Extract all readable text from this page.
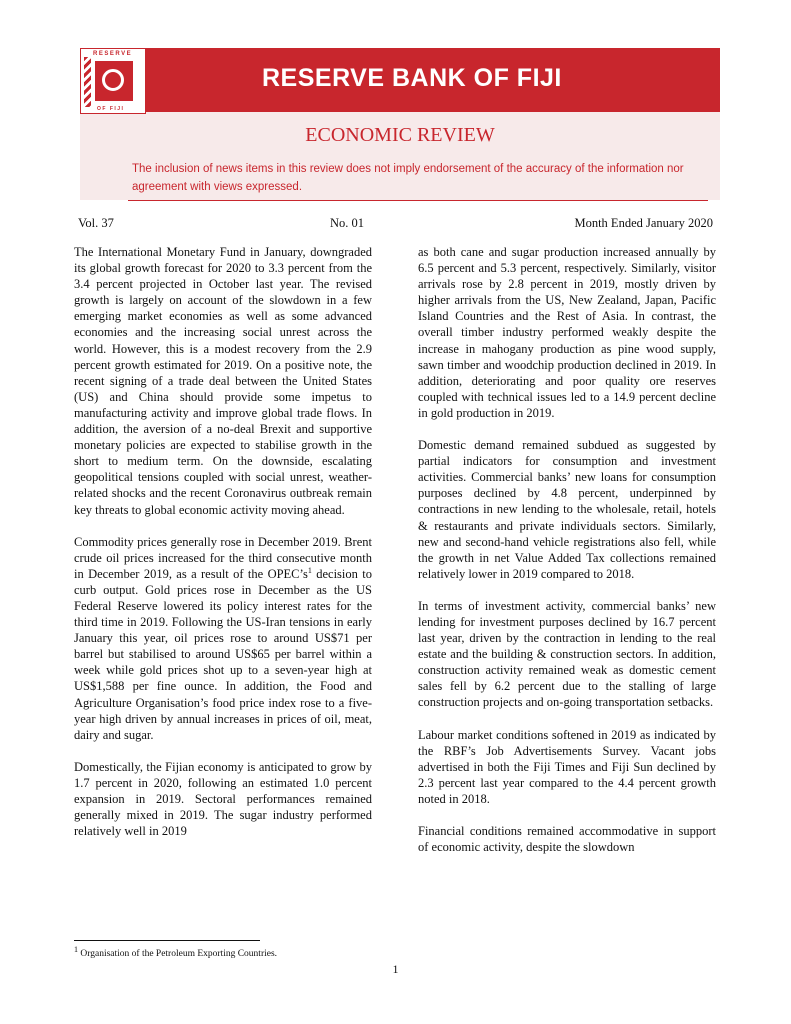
RESERVE
OF FIJI
RESERVE BANK OF FIJI
ECONOMIC REVIEW
The inclusion of news items in this review does not imply endorsement of the accuracy of the information nor agreement with views expressed.
Vol. 37	No. 01	Month Ended January 2020

The International Monetary Fund in January, downgraded its global growth forecast for 2020 to 3.3 percent from the 3.4 percent projected in October last year. The revised growth is largely on account of the slowdown in a few emerging market economies as well as some advanced economies and the increasing social unrest across the world. However, this is a modest recovery from the 2.9 percent growth estimated for 2019. On a positive note, the recent signing of a trade deal between the United States (US) and China should provide some impetus to manufacturing activity and improve global trade flows. In addition, the aversion of a no-deal Brexit and supportive monetary policies are expected to stabilise growth in the short to medium term. On the downside, escalating geopolitical tensions coupled with social unrest, weather-related shocks and the recent Coronavirus outbreak remain key threats to global economic activity moving ahead.

Commodity prices generally rose in December 2019. Brent crude oil prices increased for the third consecutive month in December 2019, as a result of the $OPEC’s^1$ decision to curb output. Gold prices rose in December as the US Federal Reserve lowered its policy interest rates for the third time in 2019. Following the US-Iran tensions in early January this year, oil prices rose to around US$71 per barrel but stabilised to around US$65 per barrel within a week while gold prices shot up to a seven-year high at US$1,588 per fine ounce. In addition, the Food and Agriculture Organisation’s food price index rose to a five-year high driven by annual increases in prices of oil, meat, dairy and sugar.

Domestically, the Fijian economy is anticipated to grow by 1.7 percent in 2020, following an estimated 1.0 percent expansion in 2019. Sectoral performances remained generally mixed in 2019. The sugar industry performed relatively well in 2019

as both cane and sugar production increased annually by 6.5 percent and 5.3 percent, respectively. Similarly, visitor arrivals rose by 2.8 percent in 2019, mostly driven by higher arrivals from the US, New Zealand, Japan, Pacific Island Countries and the Rest of Asia. In contrast, the overall timber industry performed weakly despite the increase in mahogany production as pine wood supply, sawn timber and woodchip production declined in 2019. In addition, deteriorating and poor quality ore reserves coupled with technical issues led to a 14.9 percent decline in gold production in 2019.

Domestic demand remained subdued as suggested by partial indicators for consumption and investment activities. Commercial banks’ new loans for consumption purposes declined by 4.8 percent, underpinned by contractions in new lending to the wholesale, retail, hotels & restaurants and private individuals sectors. Similarly, new and second-hand vehicle registrations also fell, while the growth in net Value Added Tax collections remained relatively lower in 2019 compared to 2018.

In terms of investment activity, commercial banks’ new lending for investment purposes declined by 16.7 percent last year, driven by the contraction in lending to the real estate and the building & construction sectors. In addition, construction activity remained weak as domestic cement sales fell by 6.2 percent due to the stalling of large construction projects and on-going transportation setbacks.

Labour market conditions softened in 2019 as indicated by the RBF’s Job Advertisements Survey. Vacant jobs advertised in both the Fiji Times and Fiji Sun declined by 2.3 percent last year compared to the 4.4 percent growth noted in 2018.

Financial conditions remained accommodative in support of economic activity, despite the slowdown

$^1$ Organisation of the Petroleum Exporting Countries.
1
